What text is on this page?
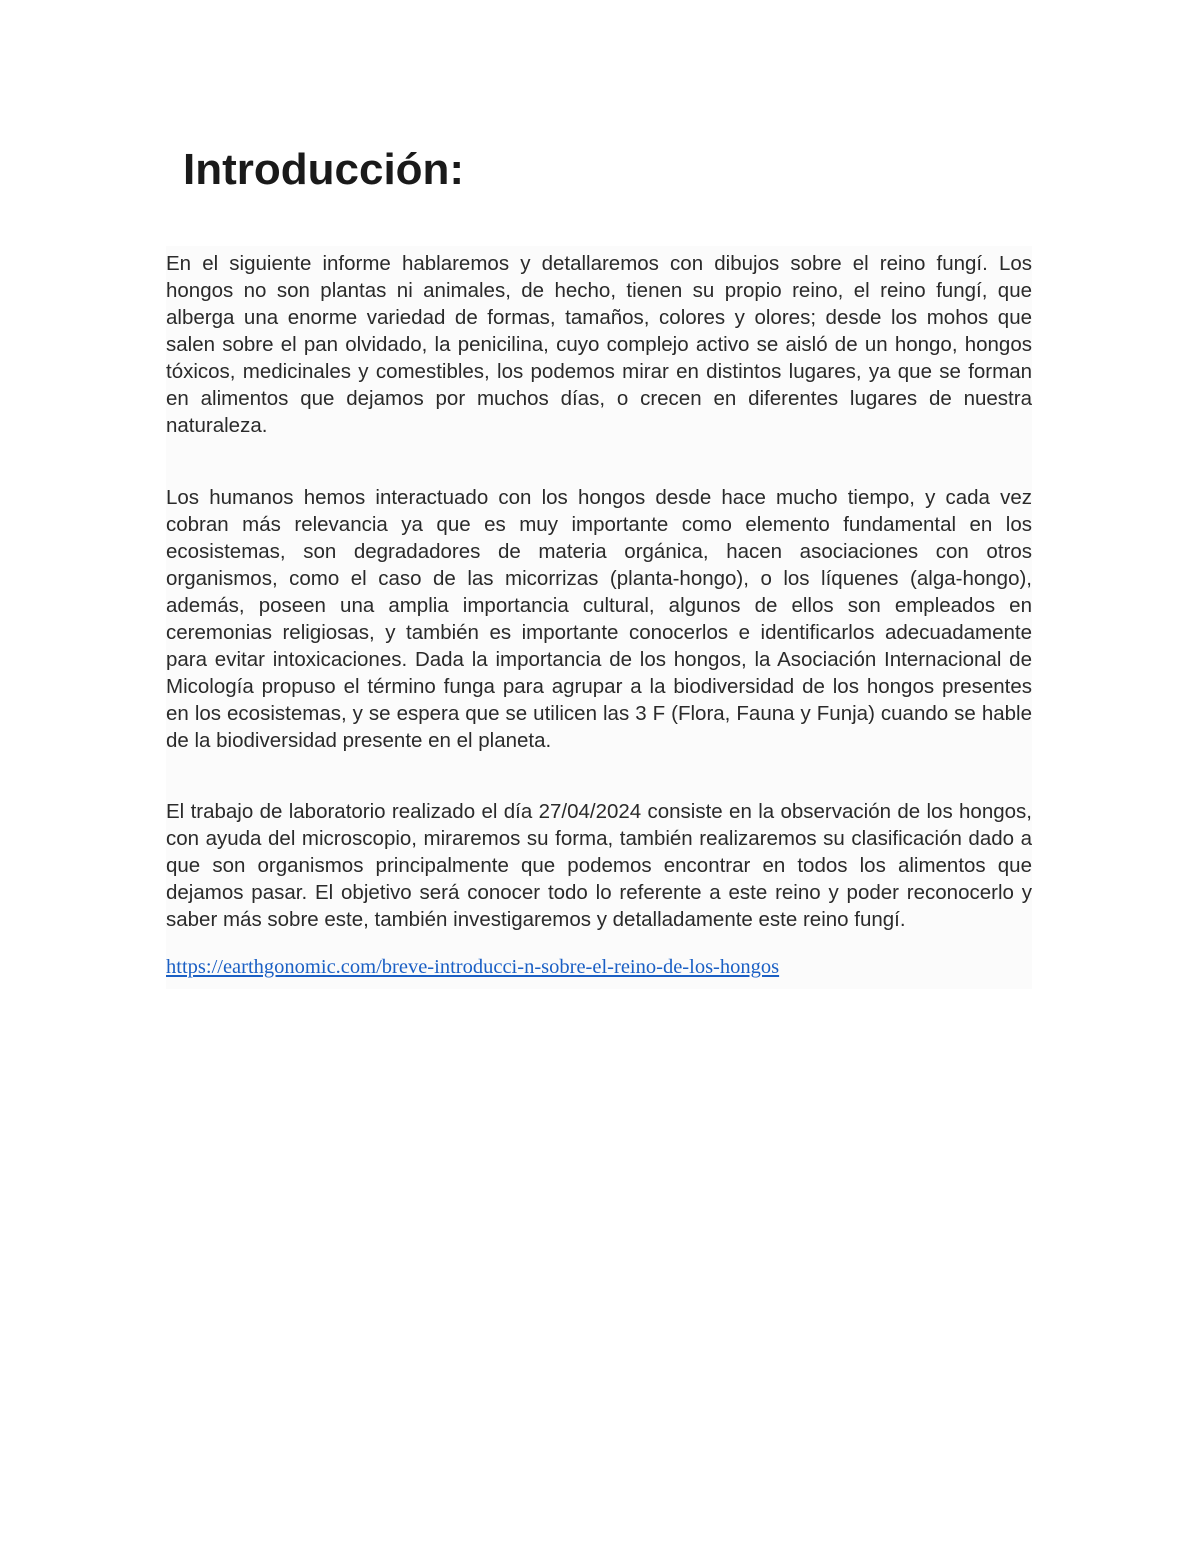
Introducción:

En el siguiente informe hablaremos y detallaremos con dibujos sobre el reino fungí. Los hongos no son plantas ni animales, de hecho, tienen su propio reino, el reino fungí, que alberga una enorme variedad de formas, tamaños, colores y olores; desde los mohos que salen sobre el pan olvidado, la penicilina, cuyo complejo activo se aisló de un hongo, hongos tóxicos, medicinales y comestibles, los podemos mirar en distintos lugares, ya que se forman en alimentos que dejamos por muchos días, o crecen en diferentes lugares de nuestra naturaleza.

Los humanos hemos interactuado con los hongos desde hace mucho tiempo, y cada vez cobran más relevancia ya que es muy importante como elemento fundamental en los ecosistemas, son degradadores de materia orgánica, hacen asociaciones con otros organismos, como el caso de las micorrizas (planta-hongo), o los líquenes (alga-hongo), además, poseen una amplia importancia cultural, algunos de ellos son empleados en ceremonias religiosas, y también es importante conocerlos e identificarlos adecuadamente para evitar intoxicaciones. Dada la importancia de los hongos, la Asociación Internacional de Micología propuso el término funga para agrupar a la biodiversidad de los hongos presentes en los ecosistemas, y se espera que se utilicen las 3 F (Flora, Fauna y Funja) cuando se hable de la biodiversidad presente en el planeta.

El trabajo de laboratorio realizado el día 27/04/2024 consiste en la observación de los hongos, con ayuda del microscopio, miraremos su forma, también realizaremos su clasificación dado a que son organismos principalmente que podemos encontrar en todos los alimentos que dejamos pasar. El objetivo será conocer todo lo referente a este reino y poder reconocerlo y saber más sobre este, también investigaremos y detalladamente este reino fungí.

https://earthgonomic.com/breve-introducci-n-sobre-el-reino-de-los-hongos
